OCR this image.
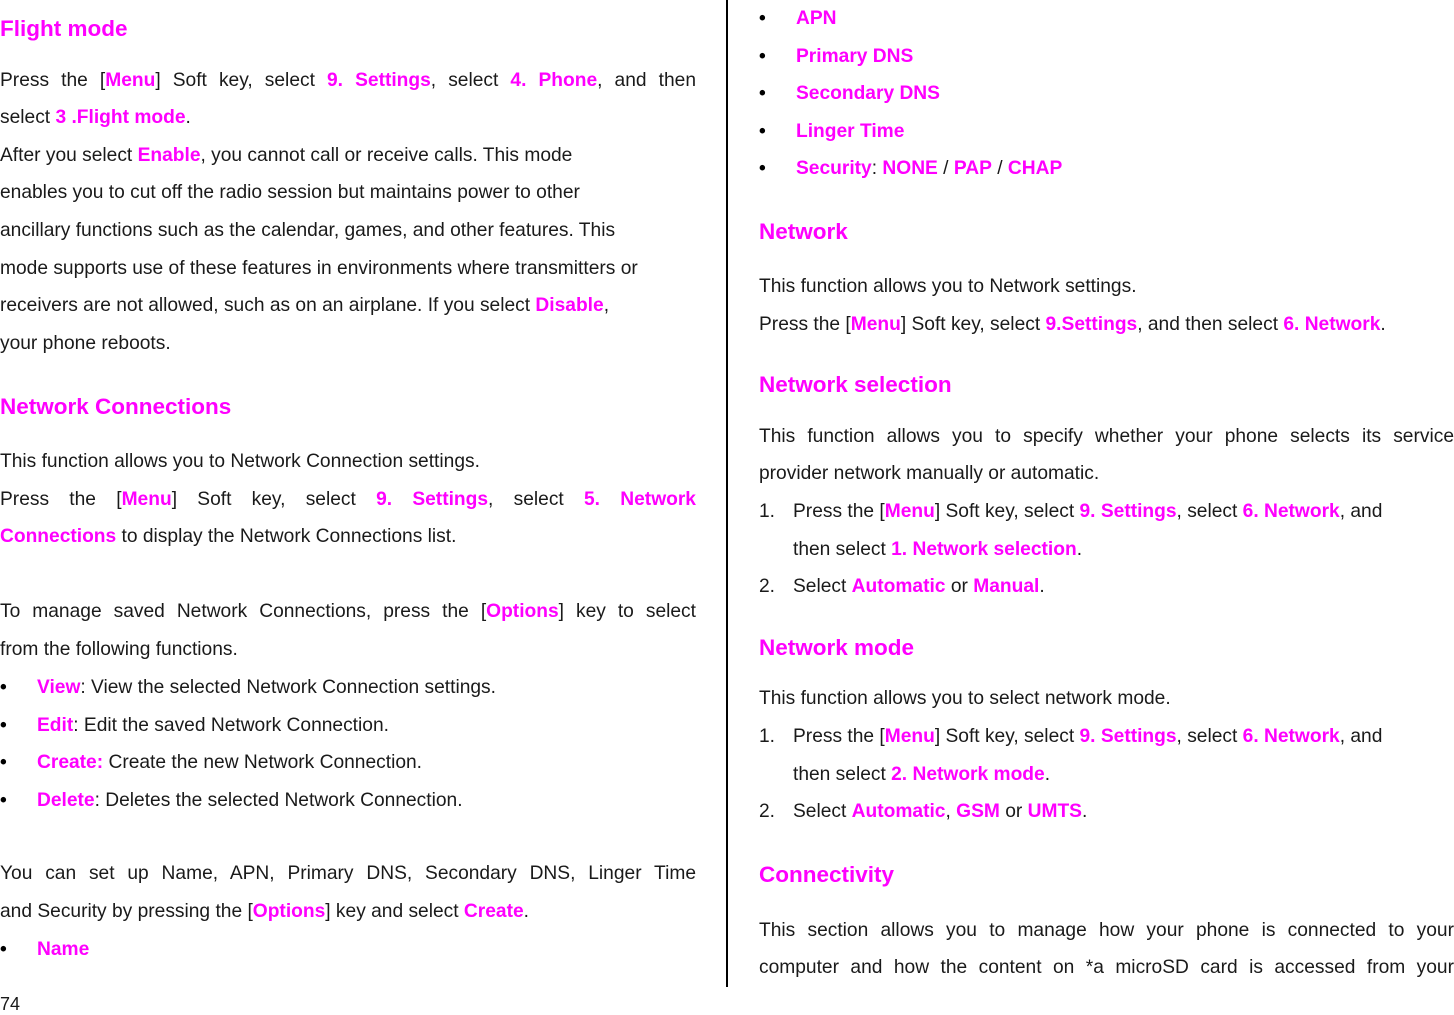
74
Flight mode
Press the [Menu] Soft key, select 9. Settings, select 4. Phone, and then
select 3 .Flight mode.
After you select Enable, you cannot call or receive calls. This mode
enables you to cut off the radio session but maintains power to other
ancillary functions such as the calendar, games, and other features. This
mode supports use of these features in environments where transmitters or
receivers are not allowed, such as on an airplane. If you select Disable,
your phone reboots.
Network Connections
This function allows you to Network Connection settings.
Press the [Menu] Soft key, select 9. Settings, select 5. Network
Connections to display the Network Connections list.
To manage saved Network Connections, press the [Options] key to select
from the following functions.
• View: View the selected Network Connection settings.
• Edit: Edit the saved Network Connection.
• Create: Create the new Network Connection.
• Delete: Deletes the selected Network Connection.
You can set up Name, APN, Primary DNS, Secondary DNS, Linger Time
and Security by pressing the [Options] key and select Create.
• Name
• APN
• Primary DNS
• Secondary DNS
• Linger Time
• Security: NONE / PAP / CHAP
Network
This function allows you to Network settings.
Press the [Menu] Soft key, select 9.Settings, and then select 6. Network.
Network selection
This function allows you to specify whether your phone selects its service
provider network manually or automatic.
1. Press the [Menu] Soft key, select 9. Settings, select 6. Network, and
then select 1. Network selection.
2. Select Automatic or Manual.
Network mode
This function allows you to select network mode.
1. Press the [Menu] Soft key, select 9. Settings, select 6. Network, and
then select 2. Network mode.
2. Select Automatic, GSM or UMTS.
Connectivity
This section allows you to manage how your phone is connected to your
computer and how the content on *a microSD card is accessed from your
